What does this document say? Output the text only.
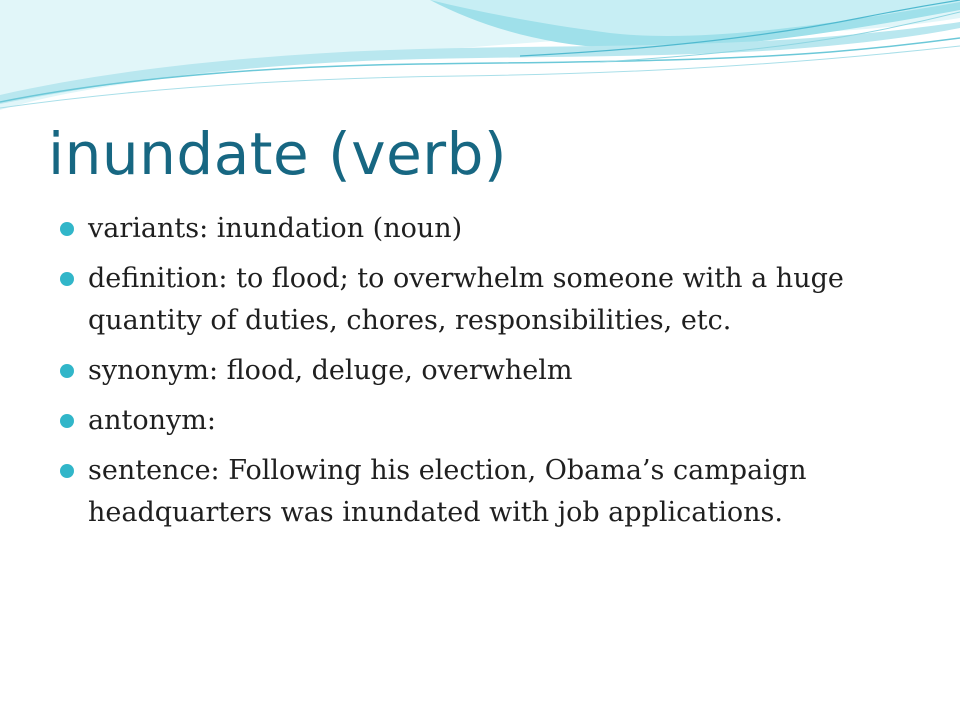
inundate (verb)
variants: inundation (noun)
definition: to flood; to overwhelm someone with a huge quantity of duties, chores, responsibilities, etc.
synonym: flood, deluge, overwhelm
antonym:
sentence: Following his election, Obama’s campaign headquarters was inundated with job applications.
